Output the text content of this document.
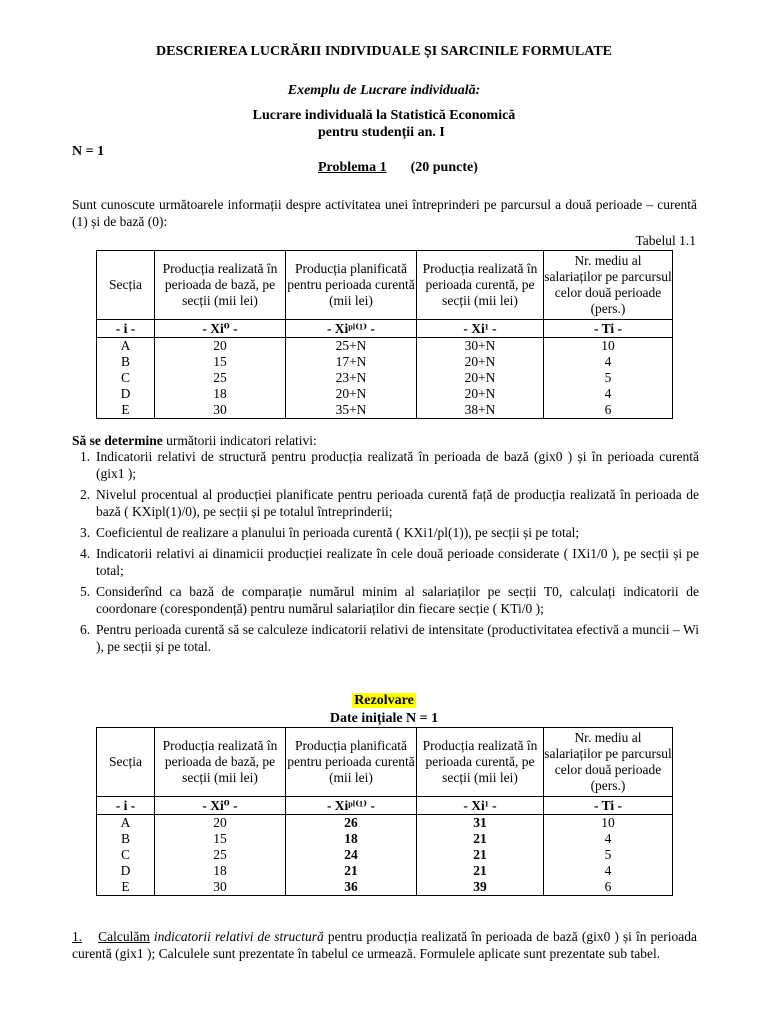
DESCRIEREA LUCRĂRII INDIVIDUALE ȘI SARCINILE FORMULATE
Exemplu de Lucrare individuală:
Lucrare individuală la Statistică Economică
pentru studenții an. I
N = 1
Problema 1 (20 puncte)
Sunt cunoscute următoarele informații despre activitatea unei întreprinderi pe parcursul a două perioade – curentă (1) și de bază (0):
Tabelul 1.1
Secția	Producția realizată în perioada de bază, pe secții (mii lei)	Producția planificată pentru perioada curentă (mii lei)	Producția realizată în perioada curentă, pe secții (mii lei)	Nr. mediu al salariaților pe parcursul celor două perioade (pers.)
- i -	- Xi⁰ -	- Xiᵖˡ⁽¹⁾ -	- Xi¹ -	- Ti -
A	20	25+N	30+N	10
B	15	17+N	20+N	4
C	25	23+N	20+N	5
D	18	20+N	20+N	4
E	30	35+N	38+N	6
Să se determine următorii indicatori relativi:
1. Indicatorii relativi de structură pentru producția realizată în perioada de bază (gix0 ) și în perioada curentă (gix1 );
2. Nivelul procentual al producției planificate pentru perioada curentă față de producția realizată în perioada de bază ( KXipl(1)/0), pe secții și pe totalul întreprinderii;
3. Coeficientul de realizare a planului în perioada curentă ( KXi1/pl(1)), pe secții și pe total;
4. Indicatorii relativi ai dinamicii producției realizate în cele două perioade considerate ( IXi1/0 ), pe secții și pe total;
5. Considerînd ca bază de comparație numărul minim al salariaților pe secții T0, calculați indicatorii de coordonare (corespondență) pentru numărul salariaților din fiecare secție ( KTi/0 );
6. Pentru perioada curentă să se calculeze indicatorii relativi de intensitate (productivitatea efectivă a muncii – Wi ), pe secții și pe total.
Rezolvare
Date inițiale N = 1
Secția	Producția realizată în perioada de bază, pe secții (mii lei)	Producția planificată pentru perioada curentă (mii lei)	Producția realizată în perioada curentă, pe secții (mii lei)	Nr. mediu al salariaților pe parcursul celor două perioade (pers.)
- i -	- Xi⁰ -	- Xiᵖˡ⁽¹⁾ -	- Xi¹ -	- Ti -
A	20	26	31	10
B	15	18	21	4
C	25	24	21	5
D	18	21	21	4
E	30	36	39	6
1. Calculăm indicatorii relativi de structură pentru producția realizată în perioada de bază (gix0 ) și în perioada curentă (gix1 ); Calculele sunt prezentate în tabelul ce urmează. Formulele aplicate sunt prezentate sub tabel.
